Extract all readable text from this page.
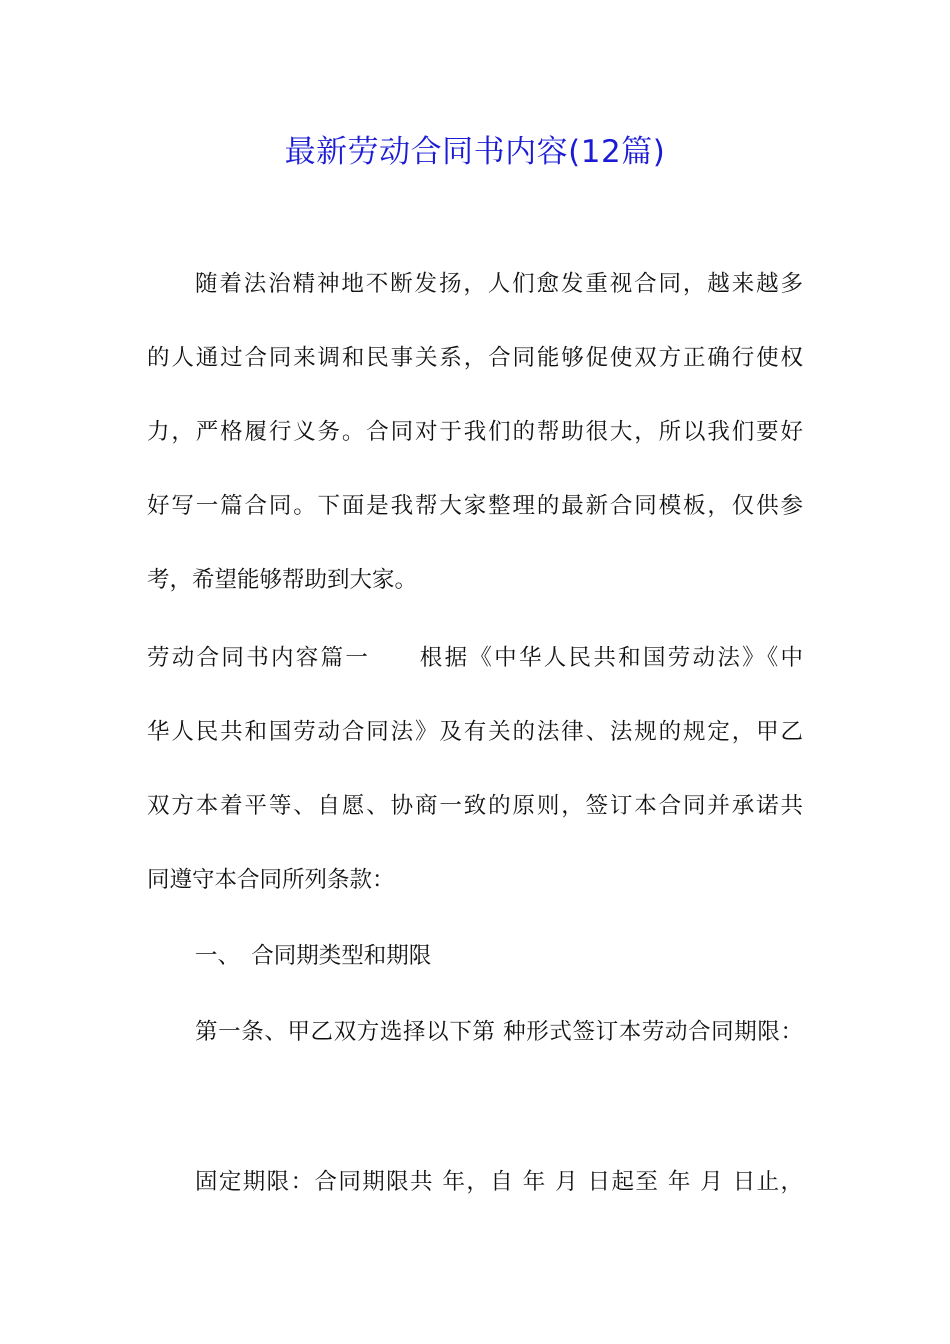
最新劳动合同书内容(12篇)
随着法治精神地不断发扬，人们愈发重视合同，越来越多
的人通过合同来调和民事关系，合同能够促使双方正确行使权
力，严格履行义务。合同对于我们的帮助很大，所以我们要好
好写一篇合同。下面是我帮大家整理的最新合同模板，仅供参
考，希望能够帮助到大家。
劳动合同书内容篇一　　根据《中华人民共和国劳动法》《中
华人民共和国劳动合同法》及有关的法律、法规的规定，甲乙
双方本着平等、自愿、协商一致的原则，签订本合同并承诺共
同遵守本合同所列条款：
一、　合同期类型和期限
第一条、甲乙双方选择以下第 种形式签订本劳动合同期限：
固定期限：合同期限共 年，自 年 月 日起至 年 月 日止，
